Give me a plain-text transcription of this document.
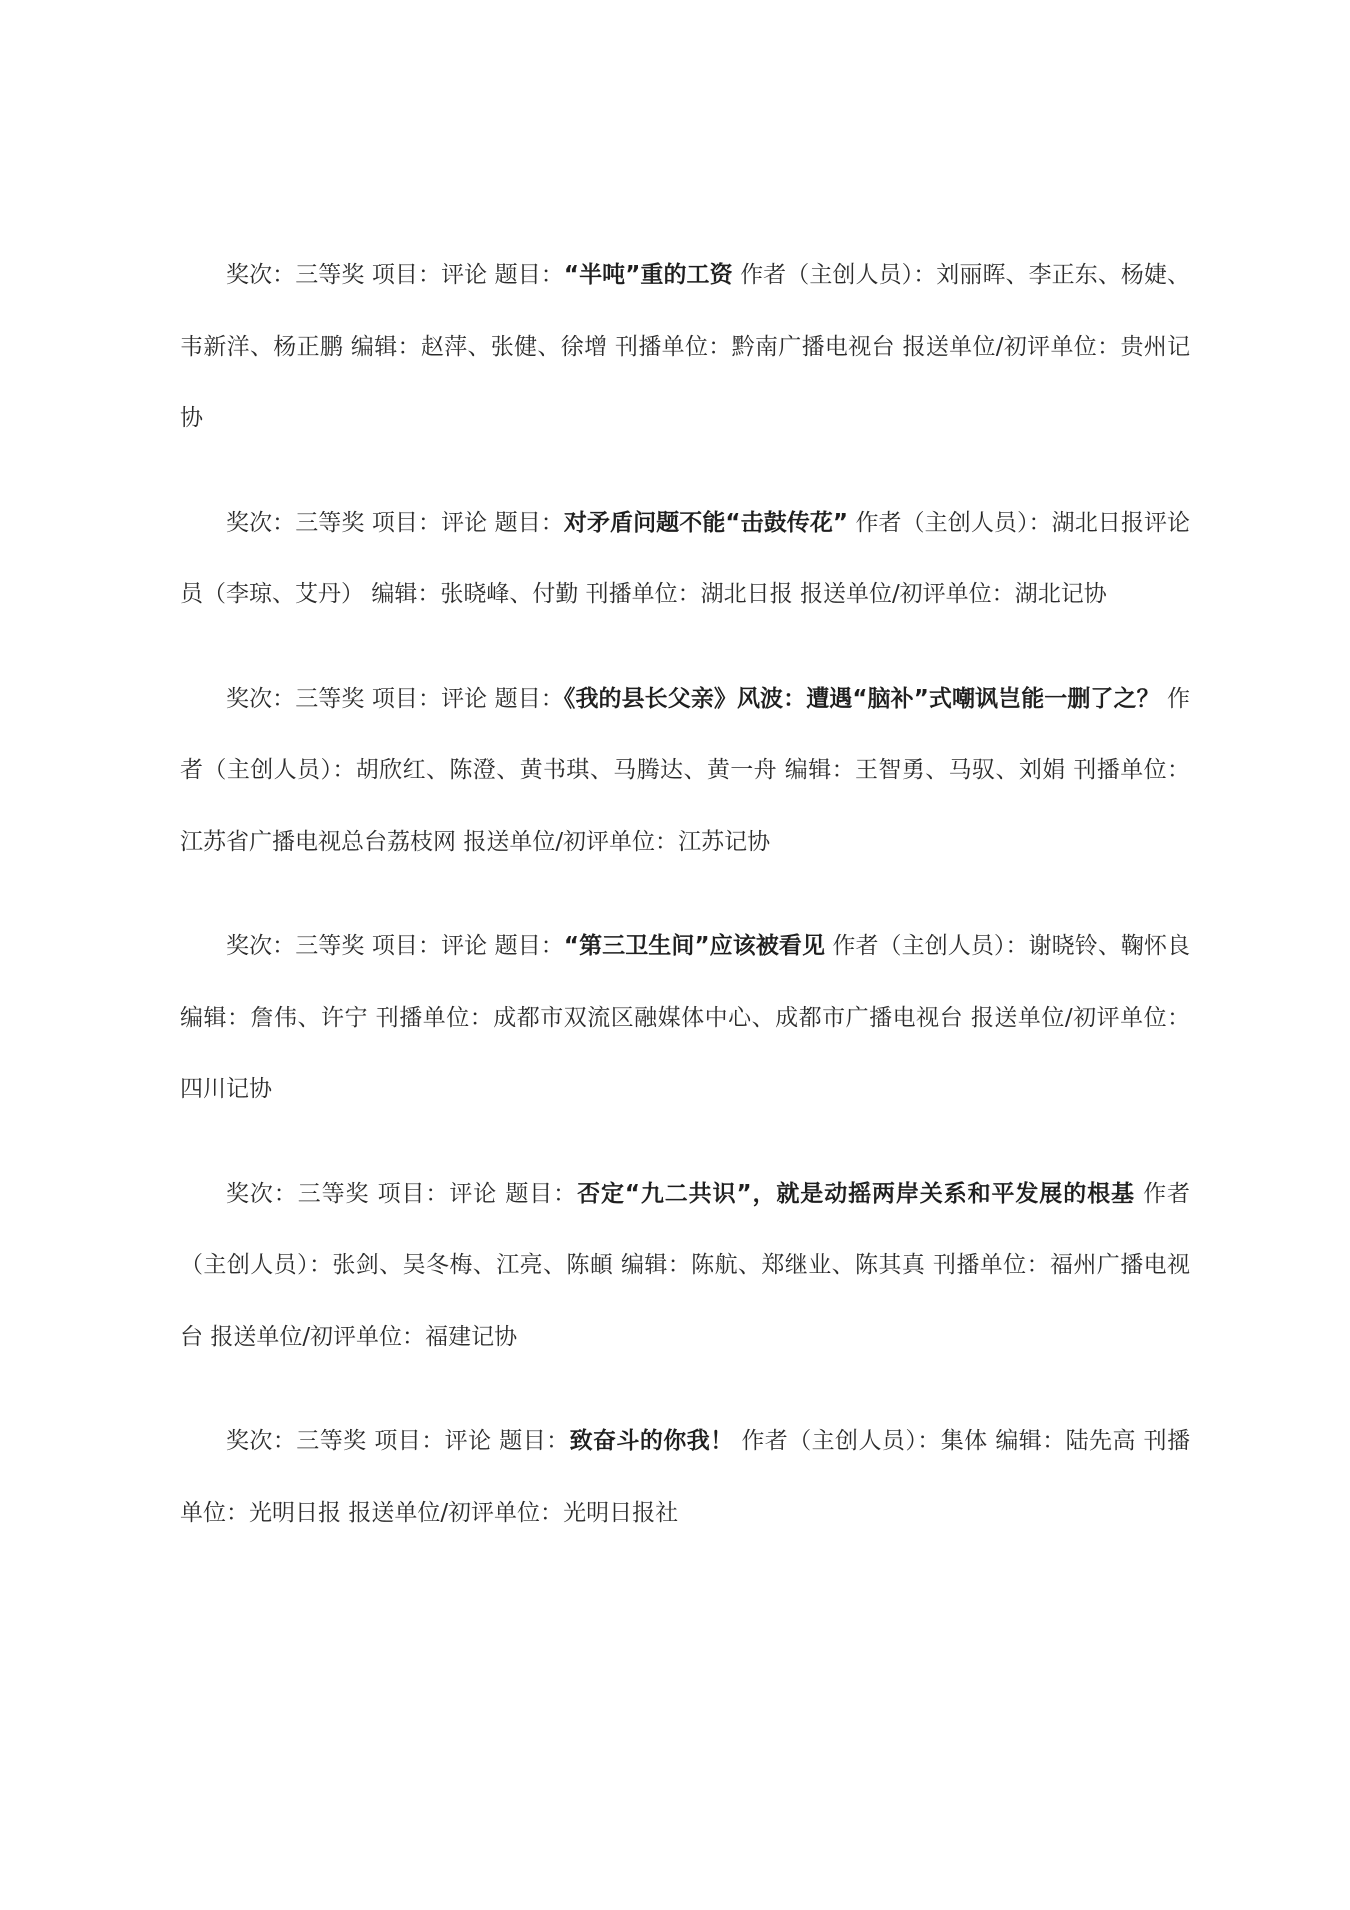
奖次：三等奖 项目：评论 题目：“半吨”重的工资 作者（主创人员）：刘丽晖、李正东、杨婕、韦新洋、杨正鹏 编辑：赵萍、张健、徐增 刊播单位：黔南广播电视台 报送单位/初评单位：贵州记协

奖次：三等奖 项目：评论 题目：对矛盾问题不能“击鼓传花” 作者（主创人员）：湖北日报评论员（李琼、艾丹） 编辑：张晓峰、付勤 刊播单位：湖北日报 报送单位/初评单位：湖北记协

奖次：三等奖 项目：评论 题目：《我的县长父亲》风波：遭遇“脑补”式嘲讽岂能一删了之？ 作者（主创人员）：胡欣红、陈澄、黄书琪、马腾达、黄一舟 编辑：王智勇、马驭、刘娟 刊播单位：江苏省广播电视总台荔枝网 报送单位/初评单位：江苏记协

奖次：三等奖 项目：评论 题目：“第三卫生间”应该被看见 作者（主创人员）：谢晓铃、鞠怀良 编辑：詹伟、许宁 刊播单位：成都市双流区融媒体中心、成都市广播电视台 报送单位/初评单位：四川记协

奖次：三等奖 项目：评论 题目：否定“九二共识”，就是动摇两岸关系和平发展的根基 作者（主创人员）：张剑、吴冬梅、江亮、陈頔 编辑：陈航、郑继业、陈其真 刊播单位：福州广播电视台 报送单位/初评单位：福建记协

奖次：三等奖 项目：评论 题目：致奋斗的你我！ 作者（主创人员）：集体 编辑：陆先高 刊播单位：光明日报 报送单位/初评单位：光明日报社
